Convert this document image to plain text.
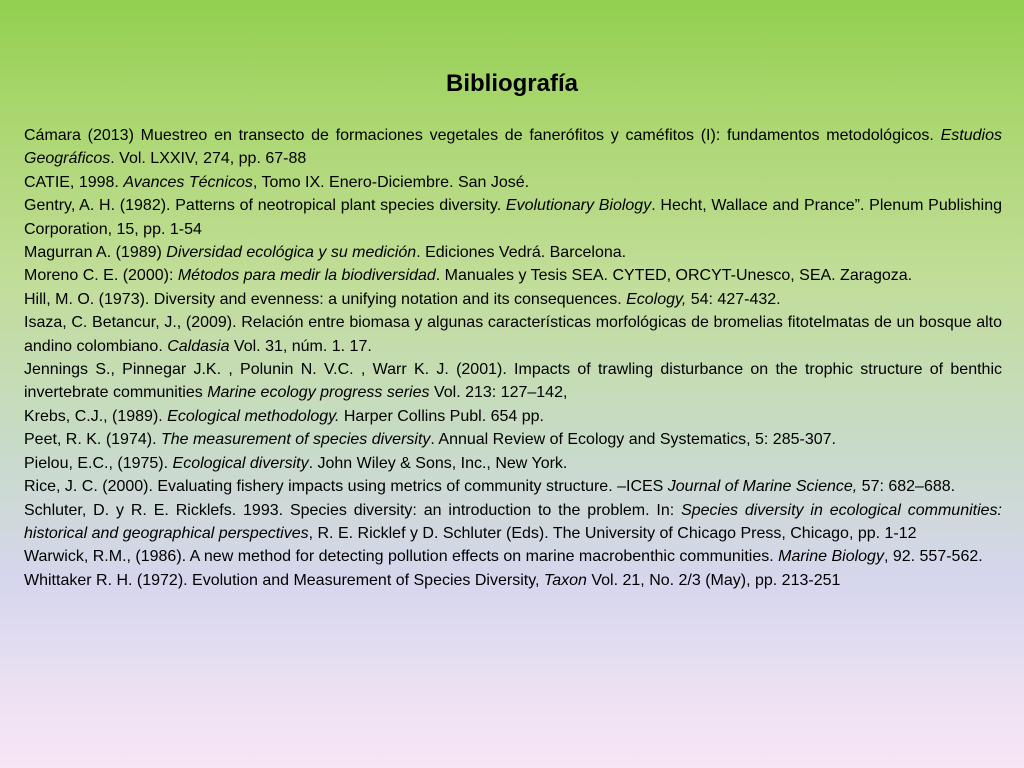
Bibliografía

Cámara (2013) Muestreo en transecto de formaciones vegetales de fanerófitos y caméfitos (I): fundamentos metodológicos. Estudios Geográficos. Vol. LXXIV, 274, pp. 67-88

CATIE, 1998. Avances Técnicos, Tomo IX. Enero-Diciembre. San José.

Gentry, A. H. (1982). Patterns of neotropical plant species diversity. Evolutionary Biology. Hecht, Wallace and Prance”. Plenum Publishing Corporation, 15, pp. 1-54

Magurran A. (1989) Diversidad ecológica y su medición. Ediciones Vedrá. Barcelona.

Moreno C. E. (2000): Métodos para medir la biodiversidad. Manuales y Tesis SEA. CYTED, ORCYT-Unesco, SEA. Zaragoza.

Hill, M. O. (1973). Diversity and evenness: a unifying notation and its consequences. Ecology, 54: 427-432.

Isaza, C. Betancur, J., (2009). Relación entre biomasa y algunas características morfológicas de bromelias fitotelmatas de un bosque alto andino colombiano. Caldasia Vol. 31, núm. 1. 17.

Jennings S., Pinnegar J.K. , Polunin N. V.C. , Warr K. J. (2001). Impacts of trawling disturbance on the trophic structure of benthic invertebrate communities Marine ecology progress series Vol. 213: 127–142,

Krebs, C.J., (1989). Ecological methodology. Harper Collins Publ. 654 pp.

Peet, R. K. (1974). The measurement of species diversity. Annual Review of Ecology and Systematics, 5: 285-307.

Pielou, E.C., (1975). Ecological diversity. John Wiley & Sons, Inc., New York.

Rice, J. C. (2000). Evaluating fishery impacts using metrics of community structure. –ICES Journal of Marine Science, 57: 682–688.

Schluter, D. y R. E. Ricklefs. 1993. Species diversity: an introduction to the problem. In: Species diversity in ecological communities: historical and geographical perspectives, R. E. Ricklef y D. Schluter (Eds). The University of Chicago Press, Chicago, pp. 1-12

Warwick, R.M., (1986). A new method for detecting pollution effects on marine macrobenthic communities. Marine Biology, 92. 557-562.

Whittaker R. H. (1972). Evolution and Measurement of Species Diversity, Taxon Vol. 21, No. 2/3 (May), pp. 213-251
